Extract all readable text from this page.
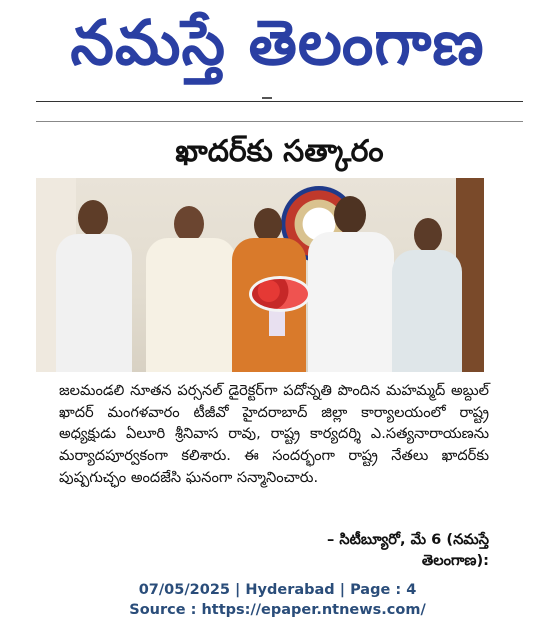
నమస్తే తెలంగాణ
ఖాదర్‌కు సత్కారం

జలమండలి నూతన పర్సనల్ డైరెక్టర్‌గా పదోన్నతి పొందిన మహమ్మద్ అబ్దుల్ ఖాదర్ మంగళవారం టీజీవో హైదరాబాద్ జిల్లా కార్యాలయంలో రాష్ట్ర అధ్యక్షుడు ఏలూరి శ్రీనివాస రావు, రాష్ట్ర కార్యదర్శి ఎ.సత్యనారాయణను మర్యాదపూర్వకంగా కలిశారు. ఈ సందర్భంగా రాష్ట్ర నేతలు ఖాదర్‌కు పుష్పగుచ్ఛం అందజేసి ఘనంగా సన్మానించారు.

– సిటీబ్యూరో, మే 6 (నమస్తే తెలంగాణ):
07/05/2025 | Hyderabad | Page : 4
Source : https://epaper.ntnews.com/
